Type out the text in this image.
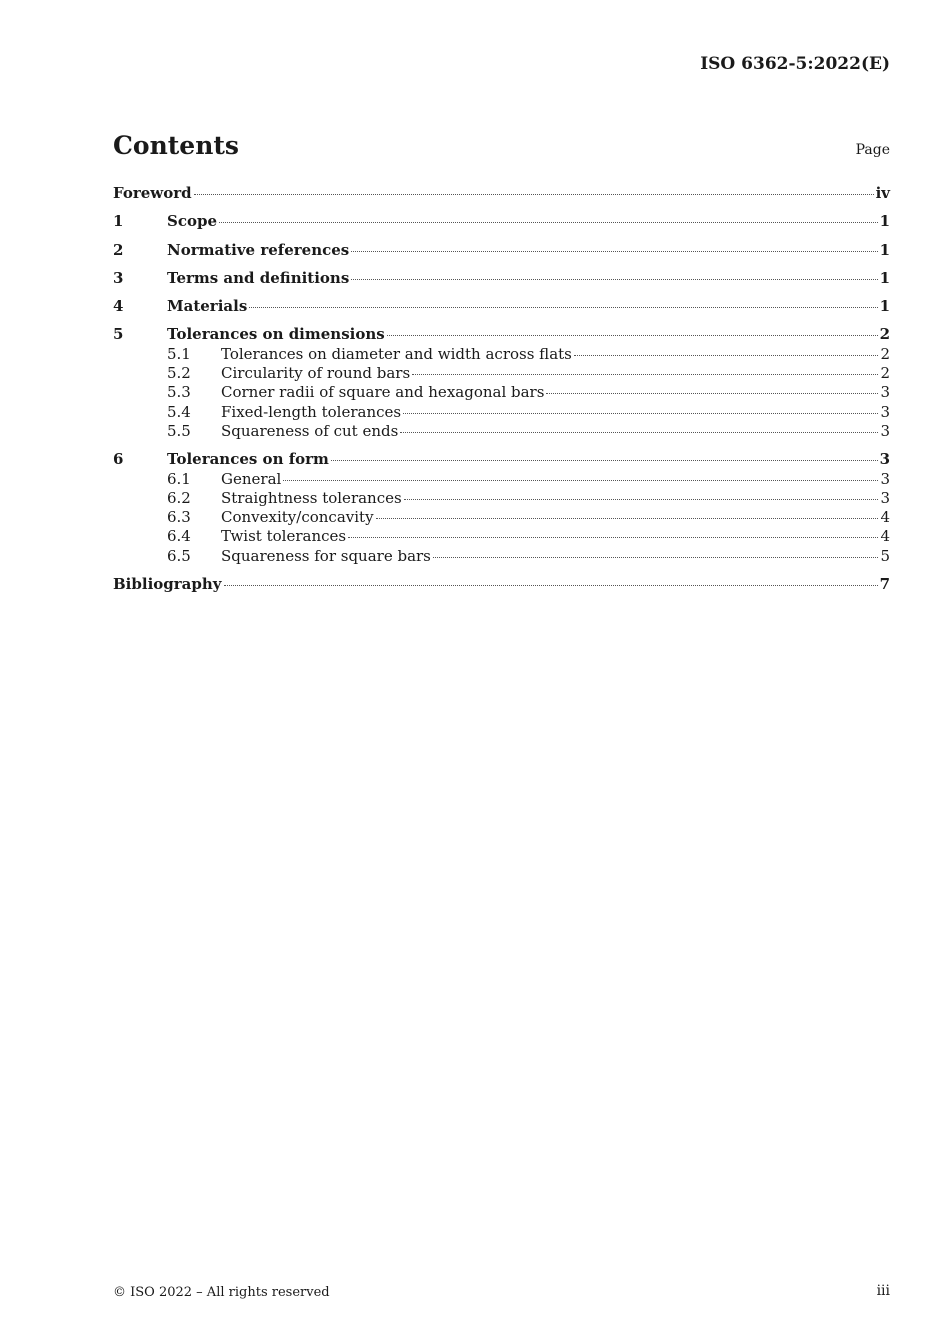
ISO 6362-5:2022(E)
Contents	Page
Foreword	iv
1	Scope	1
2	Normative references	1
3	Terms and definitions	1
4	Materials	1
5	Tolerances on dimensions	2
5.1	Tolerances on diameter and width across flats	2
5.2	Circularity of round bars	2
5.3	Corner radii of square and hexagonal bars	3
5.4	Fixed-length tolerances	3
5.5	Squareness of cut ends	3
6	Tolerances on form	3
6.1	General	3
6.2	Straightness tolerances	3
6.3	Convexity/concavity	4
6.4	Twist tolerances	4
6.5	Squareness for square bars	5
Bibliography	7
© ISO 2022 – All rights reserved	iii
